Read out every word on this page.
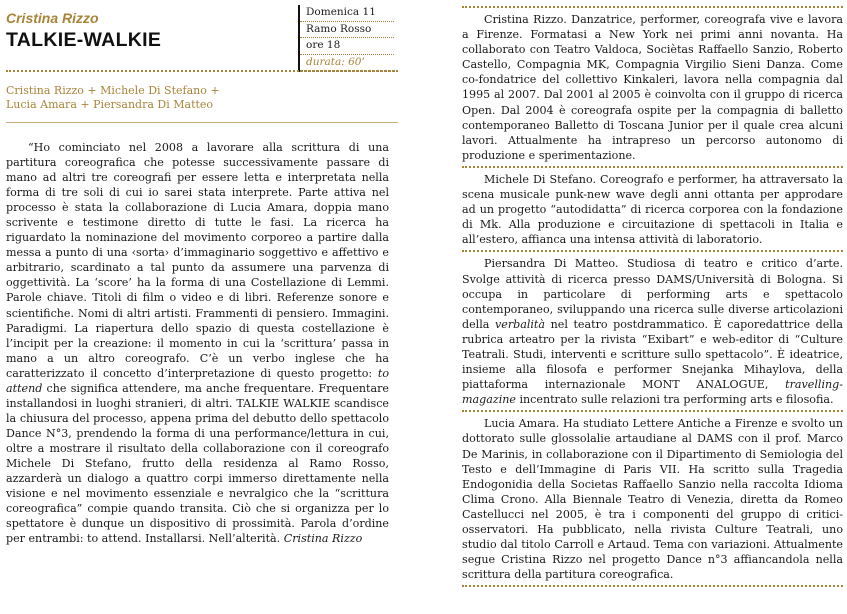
Cristina Rizzo
TALKIE-WALKIE
Domenica 11
Ramo Rosso
ore 18
durata: 60’
Cristina Rizzo + Michele Di Stefano +
Lucia Amara + Piersandra Di Matteo

“Ho cominciato nel 2008 a lavorare alla scrittura di una partitura coreografica che potesse successivamente passare di mano ad altri tre coreografi per essere letta e interpretata nella forma di tre soli di cui io sarei stata interprete. Parte attiva nel processo è stata la collaborazione di Lucia Amara, doppia mano scrivente e testimone diretto di tutte le fasi. La ricerca ha riguardato la nominazione del movimento corporeo a partire dalla messa a punto di una ‹sorta› d’immaginario soggettivo e affettivo e arbitrario, scardinato a tal punto da assumere una parvenza di oggettività. La ‘score’ ha la forma di una Costellazione di Lemmi. Parole chiave. Titoli di film o video e di libri. Referenze sonore e scientifiche. Nomi di altri artisti. Frammenti di pensiero. Immagini. Paradigmi. La riapertura dello spazio di questa costellazione è l’incipit per la creazione: il momento in cui la ‘scrittura’ passa in mano a un altro coreografo. C’è un verbo inglese che ha caratterizzato il concetto d’interpretazione di questo progetto: to attend che significa attendere, ma anche frequentare. Frequentare installandosi in luoghi stranieri, di altri. TALKIE WALKIE scandisce la chiusura del processo, appena prima del debutto dello spettacolo Dance N°3, prendendo la forma di una performance/lettura in cui, oltre a mostrare il risultato della collaborazione con il coreografo Michele Di Stefano, frutto della residenza al Ramo Rosso, azzarderà un dialogo a quattro corpi immerso direttamente nella visione e nel movimento essenziale e nevralgico che la “scrittura coreografica” compie quando transita. Ciò che si organizza per lo spettatore è dunque un dispositivo di prossimità. Parola d’ordine per entrambi: to attend. Installarsi. Nell’alterità. Cristina Rizzo

Cristina Rizzo. Danzatrice, performer, coreografa vive e lavora a Firenze. Formatasi a New York nei primi anni novanta. Ha collaborato con Teatro Valdoca, Sociètas Raffaello Sanzio, Roberto Castello, Compagnia MK, Compagnia Virgilio Sieni Danza. Come co-fondatrice del collettivo Kinkaleri, lavora nella compagnia dal 1995 al 2007. Dal 2001 al 2005 è coinvolta con il gruppo di ricerca Open. Dal 2004 è coreografa ospite per la compagnia di balletto contemporaneo Balletto di Toscana Junior per il quale crea alcuni lavori. Attualmente ha intrapreso un percorso autonomo di produzione e sperimentazione.
Michele Di Stefano. Coreografo e performer, ha attraversato la scena musicale punk-new wave degli anni ottanta per approdare ad un progetto “autodidatta” di ricerca corporea con la fondazione di Mk. Alla produzione e circuitazione di spettacoli in Italia e all’estero, affianca una intensa attività di laboratorio.
Piersandra Di Matteo. Studiosa di teatro e critico d’arte. Svolge attività di ricerca presso DAMS/Università di Bologna. Si occupa in particolare di performing arts e spettacolo contemporaneo, sviluppando una ricerca sulle diverse articolazioni della verbalità nel teatro postdrammatico. È caporedattrice della rubrica arteatro per la rivista “Exibart” e web-editor di “Culture Teatrali. Studi, interventi e scritture sullo spettacolo”. È ideatrice, insieme alla filosofa e performer Snejanka Mihaylova, della piattaforma internazionale MONT ANALOGUE, travelling-magazine incentrato sulle relazioni tra performing arts e filosofia.
Lucia Amara. Ha studiato Lettere Antiche a Firenze e svolto un dottorato sulle glossolalie artaudiane al DAMS con il prof. Marco De Marinis, in collaborazione con il Dipartimento di Semiologia del Testo e dell’Immagine di Paris VII. Ha scritto sulla Tragedia Endogonidia della Societas Raffaello Sanzio nella raccolta Idioma Clima Crono. Alla Biennale Teatro di Venezia, diretta da Romeo Castellucci nel 2005, è tra i componenti del gruppo di critici-osservatori. Ha pubblicato, nella rivista Culture Teatrali, uno studio dal titolo Carroll e Artaud. Tema con variazioni. Attualmente segue Cristina Rizzo nel progetto Dance n°3 affiancandola nella scrittura della partitura coreografica.
